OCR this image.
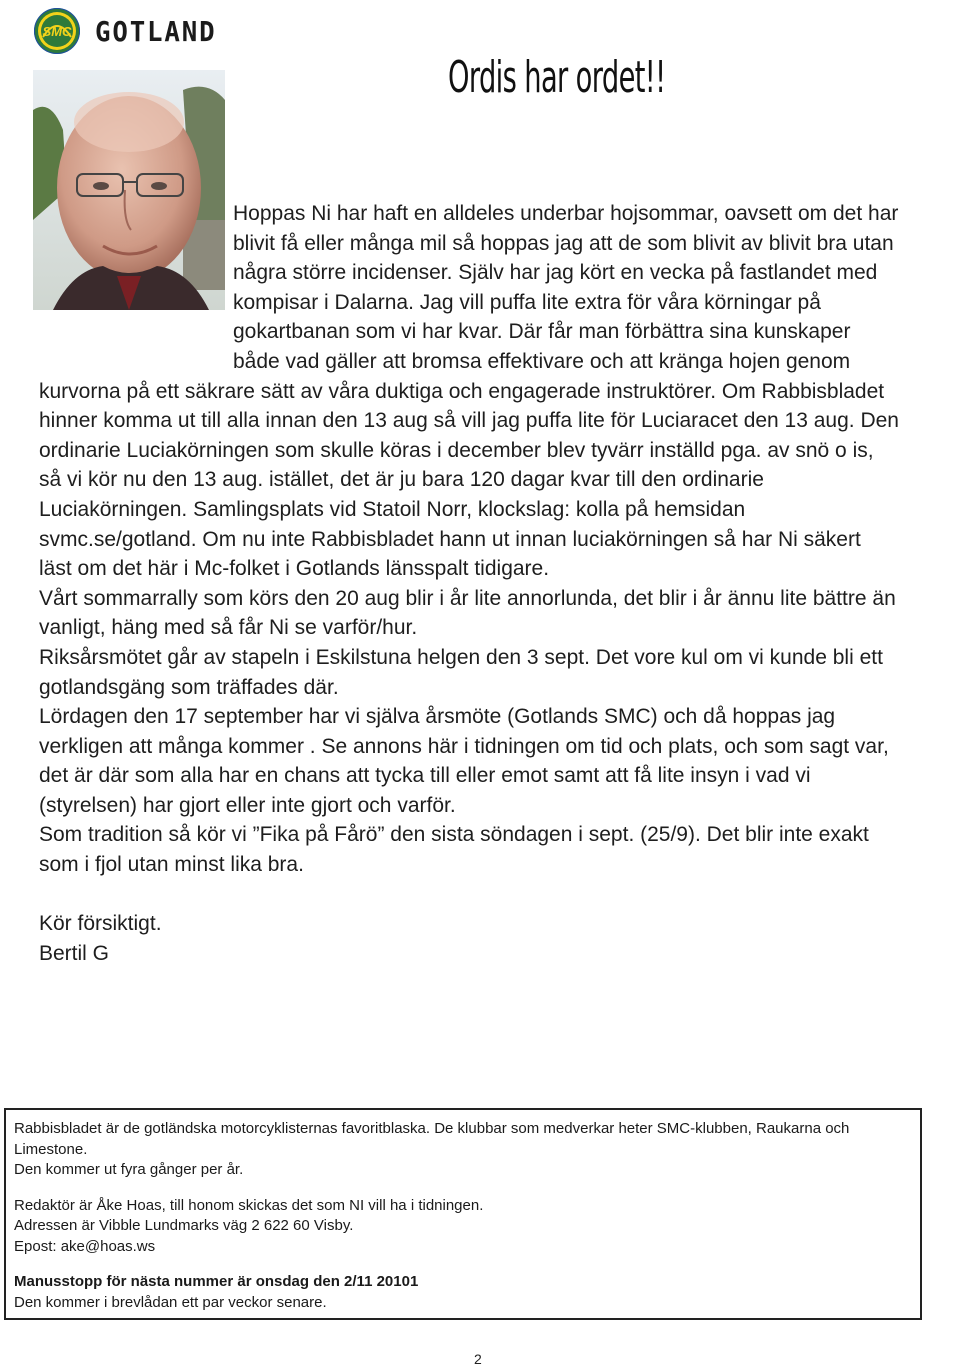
SMC GOTLAND
Ordis har ordet!!

Hoppas Ni har haft en alldeles underbar hojsommar, oavsett om det har blivit få eller många mil så hoppas jag att de som blivit av blivit bra utan några större incidenser. Själv har jag kört en vecka på fastlandet med kompisar i Dalarna. Jag vill puffa lite extra för våra körningar på gokartbanan som vi har kvar. Där får man förbättra sina kunskaper både vad gäller att bromsa effektivare och att kränga hojen genom kurvorna på ett säkrare sätt av våra duktiga och engagerade instruktörer. Om Rabbisbladet hinner komma ut till alla innan den 13 aug så vill jag puffa lite för Luciaracet den 13 aug. Den ordinarie Luciakörningen som skulle köras i december blev tyvärr inställd pga. av snö o is, så vi kör nu den 13 aug. istället, det är ju bara 120 dagar kvar till den ordinarie Luciakörningen. Samlingsplats vid Statoil Norr, klockslag: kolla på hemsidan svmc.se/gotland. Om nu inte Rabbisbladet hann ut innan luciakörningen så har Ni säkert läst om det här i Mc-folket i Gotlands länsspalt tidigare.

Vårt sommarrally som körs den 20 aug blir i år lite annorlunda, det blir i år ännu lite bättre än vanligt, häng med så får Ni se varför/hur.

Riksårsmötet går av stapeln i Eskilstuna helgen den 3 sept. Det vore kul om vi kunde bli ett gotlandsgäng som träffades där.

Lördagen den 17 september har vi själva årsmöte (Gotlands SMC) och då hoppas jag verkligen att många kommer . Se annons här i tidningen om tid och plats, och som sagt var, det är där som alla har en chans att tycka till eller emot samt att få lite insyn i vad vi (styrelsen) har gjort eller inte gjort och varför.

Som tradition så kör vi ”Fika på Fårö” den sista söndagen i sept. (25/9). Det blir inte exakt som i fjol utan minst lika bra.

Kör försiktigt.

Bertil G

Rabbisbladet är de gotländska motorcyklisternas favoritblaska. De klubbar som medverkar heter SMC-klubben, Raukarna och Limestone.

Den kommer ut fyra gånger per år.

Redaktör är Åke Hoas, till honom skickas det som NI vill ha i tidningen.

Adressen är Vibble Lundmarks väg 2 622 60 Visby.

Epost: ake@hoas.ws

Manusstopp för nästa nummer är onsdag den 2/11 20101

Den kommer i brevlådan ett par veckor senare.

2
